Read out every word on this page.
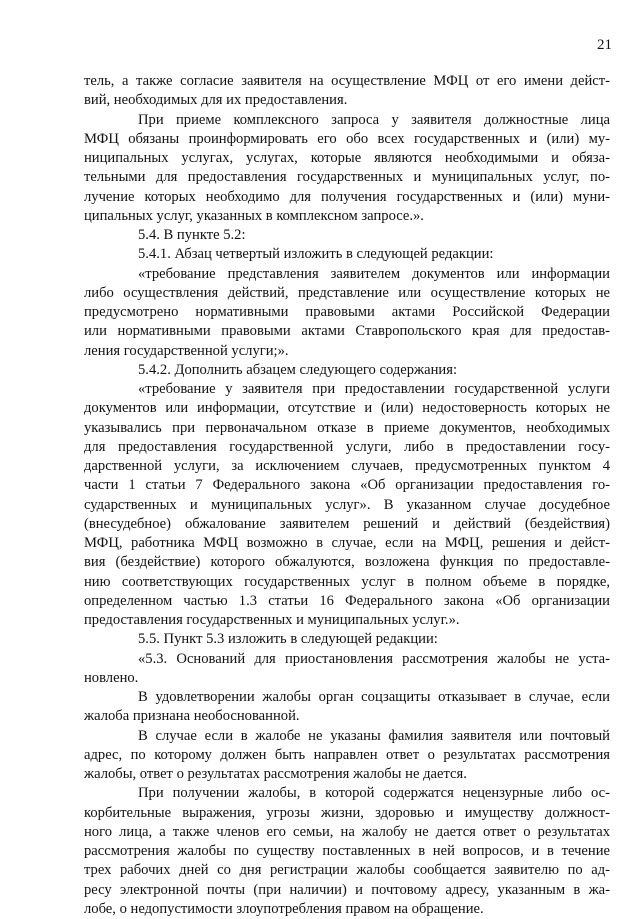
21
тель, а также согласие заявителя на осуществление МФЦ от его имени дейст-
вий, необходимых для их предоставления.
При приеме комплексного запроса у заявителя должностные лица
МФЦ обязаны проинформировать его обо всех государственных и (или) му-
ниципальных услугах, услугах, которые являются необходимыми и обяза-
тельными для предоставления государственных и муниципальных услуг, по-
лучение которых необходимо для получения государственных и (или) муни-
ципальных услуг, указанных в комплексном запросе.».
5.4. В пункте 5.2:
5.4.1. Абзац четвертый изложить в следующей редакции:
«требование представления заявителем документов или информации
либо осуществления действий, представление или осуществление которых не
предусмотрено нормативными правовыми актами Российской Федерации
или нормативными правовыми актами Ставропольского края для предостав-
ления государственной услуги;».
5.4.2. Дополнить абзацем следующего содержания:
«требование у заявителя при предоставлении государственной услуги
документов или информации, отсутствие и (или) недостоверность которых не
указывались при первоначальном отказе в приеме документов, необходимых
для предоставления государственной услуги, либо в предоставлении госу-
дарственной услуги, за исключением случаев, предусмотренных пунктом 4
части 1 статьи 7 Федерального закона «Об организации предоставления го-
сударственных и муниципальных услуг». В указанном случае досудебное
(внесудебное) обжалование заявителем решений и действий (бездействия)
МФЦ, работника МФЦ возможно в случае, если на МФЦ, решения и дейст-
вия (бездействие) которого обжалуются, возложена функция по предоставле-
нию соответствующих государственных услуг в полном объеме в порядке,
определенном частью 1.3 статьи 16 Федерального закона «Об организации
предоставления государственных и муниципальных услуг.».
5.5. Пункт 5.3 изложить в следующей редакции:
«5.3. Оснований для приостановления рассмотрения жалобы не уста-
новлено.
В удовлетворении жалобы орган соцзащиты отказывает в случае, если
жалоба признана необоснованной.
В случае если в жалобе не указаны фамилия заявителя или почтовый
адрес, по которому должен быть направлен ответ о результатах рассмотрения
жалобы, ответ о результатах рассмотрения жалобы не дается.
При получении жалобы, в которой содержатся нецензурные либо ос-
корбительные выражения, угрозы жизни, здоровью и имуществу должност-
ного лица, а также членов его семьи, на жалобу не дается ответ о результатах
рассмотрения жалобы по существу поставленных в ней вопросов, и в течение
трех рабочих дней со дня регистрации жалобы сообщается заявителю по ад-
ресу электронной почты (при наличии) и почтовому адресу, указанным в жа-
лобе, о недопустимости злоупотребления правом на обращение.
